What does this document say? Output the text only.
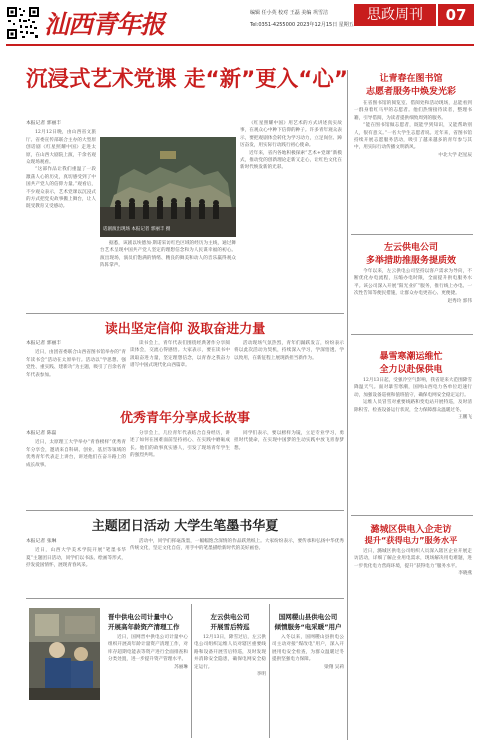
汕西青年报	编辑 任小英 校对 王磊 美编 巩雪洁
Tel:0351-4255000 2023年12月15日 星期五
思政周刊	07
沉浸式艺术党课 走“新”更入“心”
本报记者 郭丽丰

12月12日晚，由山西省文旅厅、省委宣传部联合主办的大型原创话剧《红星照耀中国》走进太原，在山西大剧院上演，千余名观众现场观看。

“这部作品让我们重温了一段激荡人心的历史，真切感受到了中国共产党人的信仰力量。”观看后，不少观众表示，艺术党课以沉浸式的方式把党史故事搬上舞台，让人既受教育又受感动。

话剧演出现场 本报记者 郭丽丰 摄

据悉，该剧以埃德加·斯诺采访红色区域的经历为主线，通过舞台艺术呈现中国共产党人坚定的理想信念和为人民谋幸福的初心。演出现场，演员们饱满的情绪、精良的舞美和动人的音乐赢得观众阵阵掌声。

《红星照耀中国》用艺术的方式讲述真实故事，在观众心中种下信仰的种子。许多青年观众表示，要把观剧体会转化为学习动力，立足岗位、踔厉奋发，用实际行动践行初心使命。

近年来，省内各地积极探索“艺术+党课”新模式，推动党的创新理论走新又走心，让红色文化在新时代焕发新的光彩。

让青春在图书馆
志愿者服务中焕发光彩

在省图书馆的阅览室、借阅处和活动现场，总能看到一群身着红马甲的志愿者。他们热情接待读者，整理书籍，引导借阅，为读者提供细致周到的服务。

“能在图书馆做志愿者，既能学到知识，又能帮助别人，很有意义。”一名大学生志愿者说。近年来，省图书馆持续开展志愿服务活动，吸引了越来越多的青年参与其中，用实际行动传播文明新风。

中北大学 赵星辰
左云供电公司
多举措助推服务提质效

今年以来，左云供电公司坚持以客户需求为导向，不断优化办电流程，压缩办电时限，全面提升供电服务水平。该公司深入开展“阳光业扩”服务，推行线上办电、一次性告知等便民措施，让群众办电更省心、更便捷。

赵秀玲 郭伟
暴雪寒潮运维忙
全力以赴保供电

12月13日起，受强冷空气影响，我省迎来大范围降雪降温天气。面对暴雪寒潮，国网山西电力各单位迅速行动，加强设备巡视和值班值守，确保电网安全稳定运行。

运维人员冒雪对重要线路和变电站开展特巡，及时清除积雪、检查设备运行状况，全力保障群众温暖过冬。

王鹏飞
潞城区供电入企走访
提升“获得电力”服务水平

近日，潞城区供电公司组织人员深入辖区企业开展走访活动，详细了解企业用电需求，现场解决用电难题，进一步优化电力营商环境，提升“获得电力”服务水平。

李晓燕
读出坚定信仰 汲取奋进力量
本报记者 郭丽丰

近日，由团省委联合山西省图书馆举办的“青年读书会”活动在太原举行。活动以“学思想、强党性、重实践、建新功”为主题，吸引了百余名青年代表参加。

读书会上，青年代表们围绕经典著作分享阅读体会，交流心得感悟。大家表示，要在读书中汲取奋进力量，坚定理想信念，以青春之我奋力谱写中国式现代化山西篇章。

活动现场气氛热烈，青年们踊跃发言，纷纷表示将以此次活动为契机，持续深入学习，学深悟透、学以致用，在新征程上展现新担当新作为。

优秀青年分享成长故事
本报记者 陈磊

近日，太原理工大学举办“青春榜样”优秀青年分享会，邀请来自科研、创业、基层等领域的优秀青年代表走上讲台，讲述他们在奋斗路上的成长故事。

分享会上，几位青年代表结合自身经历，讲述了如何在困难面前坚持初心、在实践中磨砺成长。他们的故事真实感人，引发了现场青年学生的强烈共鸣。

同学们表示，要以榜样为镜，立足专业学习，勇担时代使命，在实现中国梦的生动实践中放飞青春梦想。

主题团日活动 大学生笔墨书华夏
本报记者 张琳

近日，山西大学美术学院开展“笔墨书华夏”主题团日活动，同学们以书法、绘画等形式，抒发爱国情怀，展现青春风采。

活动中，同学们挥毫泼墨，一幅幅饱含深情的作品跃然纸上。大家纷纷表示，要传承和弘扬中华优秀传统文化，坚定文化自信，用手中的笔墨描绘新时代的美好画卷。

晋中供电公司计量中心
开展高年龄资产清理工作

近日，国网晋中供电公司计量中心组织开展高年龄计量资产清理工作，对库存超期电能表等资产进行全面排查和分类处置，进一步提升资产管理水平。

苏丽琳
左云供电公司
开展雪后特巡

12月13日，降雪过后，左云供电公司组织运维人员对辖区重要线路和设备开展雪后特巡，及时发现并消除安全隐患，确保电网安全稳定运行。

李明
国网稷山县供电公司
倾情服务“电采暖”用户

入冬以来，国网稷山县供电公司主动对接“煤改电”用户，深入开展用电安全检查，为群众温暖过冬提供坚强电力保障。

梁翔 吴莉
